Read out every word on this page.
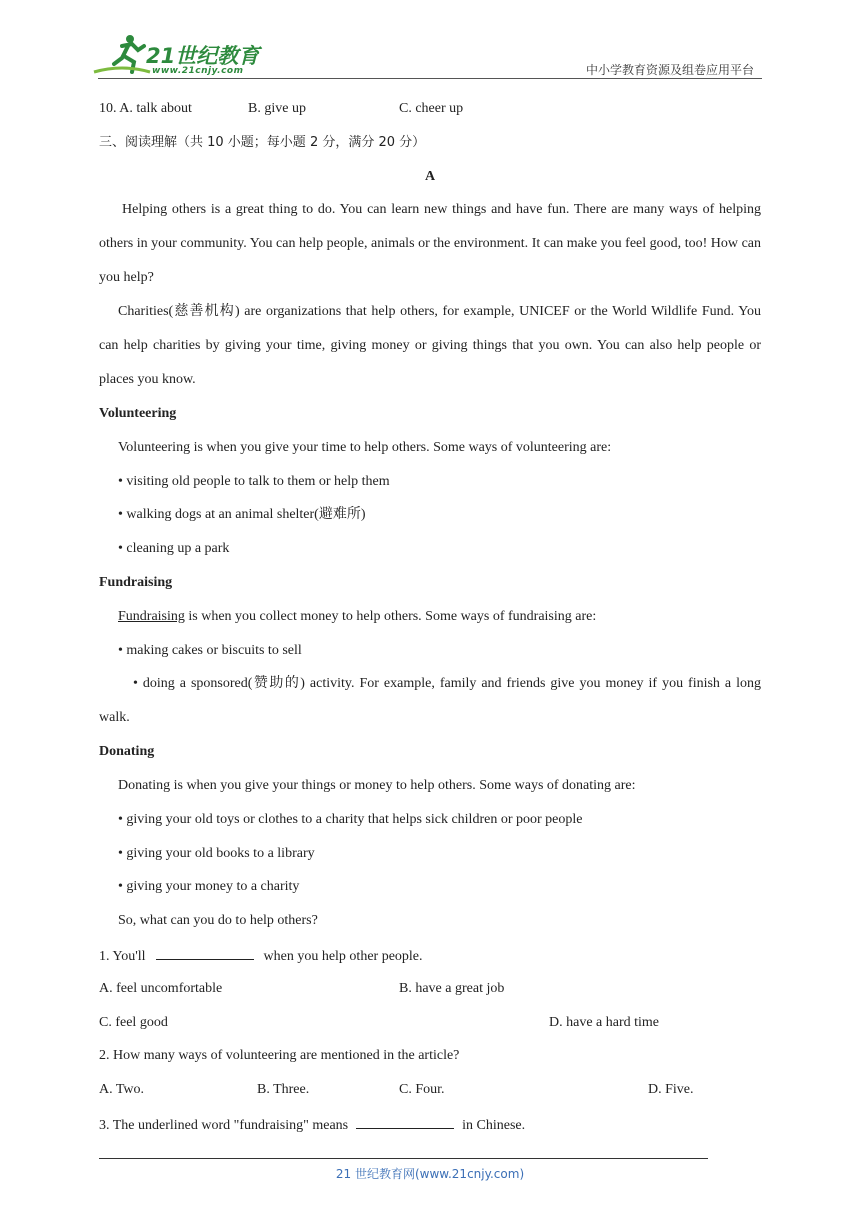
21世纪教育
www.21cnjy.com	中小学教育资源及组卷应用平台
10. A. talk about	B. give up	C. cheer up
三、阅读理解（共 10 小题；每小题 2 分，满分 20 分）
A
Helping others is a great thing to do. You can learn new things and have fun. There are many ways of helping others in your community. You can help people, animals or the environment. It can make you feel good, too! How can you help?
Charities(慈善机构) are organizations that help others, for example, UNICEF or the World Wildlife Fund. You can help charities by giving your time, giving money or giving things that you own. You can also help people or places you know.
Volunteering
Volunteering is when you give your time to help others. Some ways of volunteering are:
• visiting old people to talk to them or help them
• walking dogs at an animal shelter(避难所)
• cleaning up a park
Fundraising
Fundraising is when you collect money to help others. Some ways of fundraising are:
• making cakes or biscuits to sell
• doing a sponsored(赞助的) activity. For example, family and friends give you money if you finish a long walk.
Donating
Donating is when you give your things or money to help others. Some ways of donating are:
• giving your old toys or clothes to a charity that helps sick children or poor people
• giving your old books to a library
• giving your money to a charity
So, what can you do to help others?
1. You'll	when you help other people.
A. feel uncomfortable	B. have a great job
C. feel good	D. have a hard time
2. How many ways of volunteering are mentioned in the article?
A. Two.	B. Three.	C. Four.	D. Five.
3. The underlined word "fundraising" means	in Chinese.
21 世纪教育网(www.21cnjy.com)
